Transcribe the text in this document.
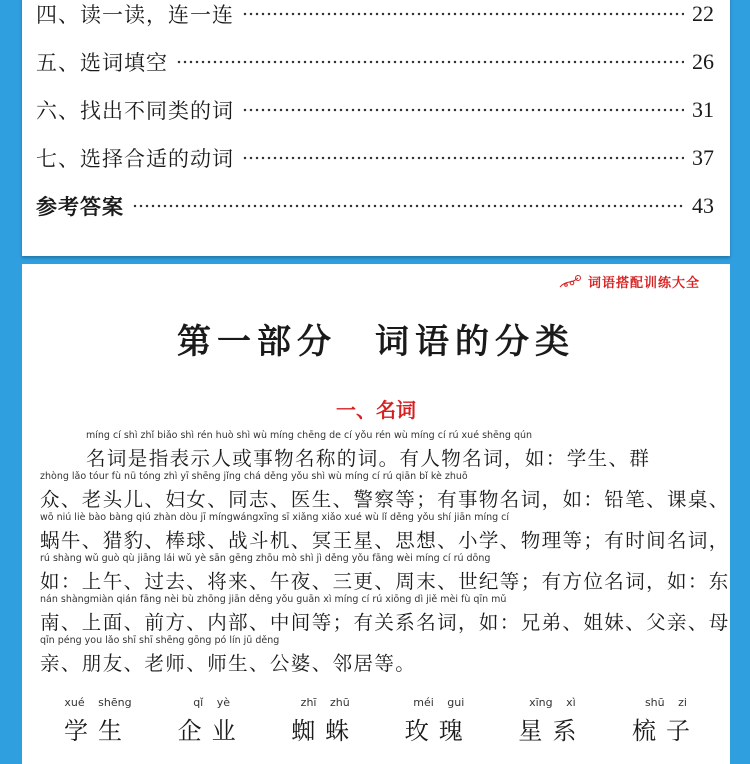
四、读一读，连一连	22
五、选词填空	26
六、找出不同类的词	31
七、选择合适的动词	37
参考答案	43
词语搭配训练大全
第一部分 词语的分类
一、名词
míng cí shì zhǐ biǎo shì rén huò shì wù míng chēng de cí yǒu rén wù míng cí rú xué shēng qún
名词是指表示人或事物名称的词。有人物名词，如：学生、群
zhòng lǎo tóur fù nǚ tóng zhì yī shēng jǐng chá děng yǒu shì wù míng cí rú qiān bǐ kè zhuō
众、老头儿、妇女、同志、医生、警察等；有事物名词，如：铅笔、课桌、
wō niú liè bào bàng qiú zhàn dòu jī míngwángxīng sī xiǎng xiǎo xué wù lǐ děng yǒu shí jiān míng cí
蜗牛、猎豹、棒球、战斗机、冥王星、思想、小学、物理等；有时间名词，
rú shàng wǔ guò qù jiāng lái wǔ yè sān gēng zhōu mò shì jì děng yǒu fāng wèi míng cí rú dōng
如：上午、过去、将来、午夜、三更、周末、世纪等；有方位名词，如：东
nán shàngmiàn qián fāng nèi bù zhōng jiān děng yǒu guān xì míng cí rú xiōng dì jiě mèi fù qīn mǔ
南、上面、前方、内部、中间等；有关系名词，如：兄弟、姐妹、父亲、母
qīn péng you lǎo shī shī shēng gōng pó lín jū děng
亲、朋友、老师、师生、公婆、邻居等。
xué shēng
学生
qǐ yè
企业
zhī zhū
蜘蛛
méi gui
玫瑰
xīng xì
星系
shū zi
梳子
